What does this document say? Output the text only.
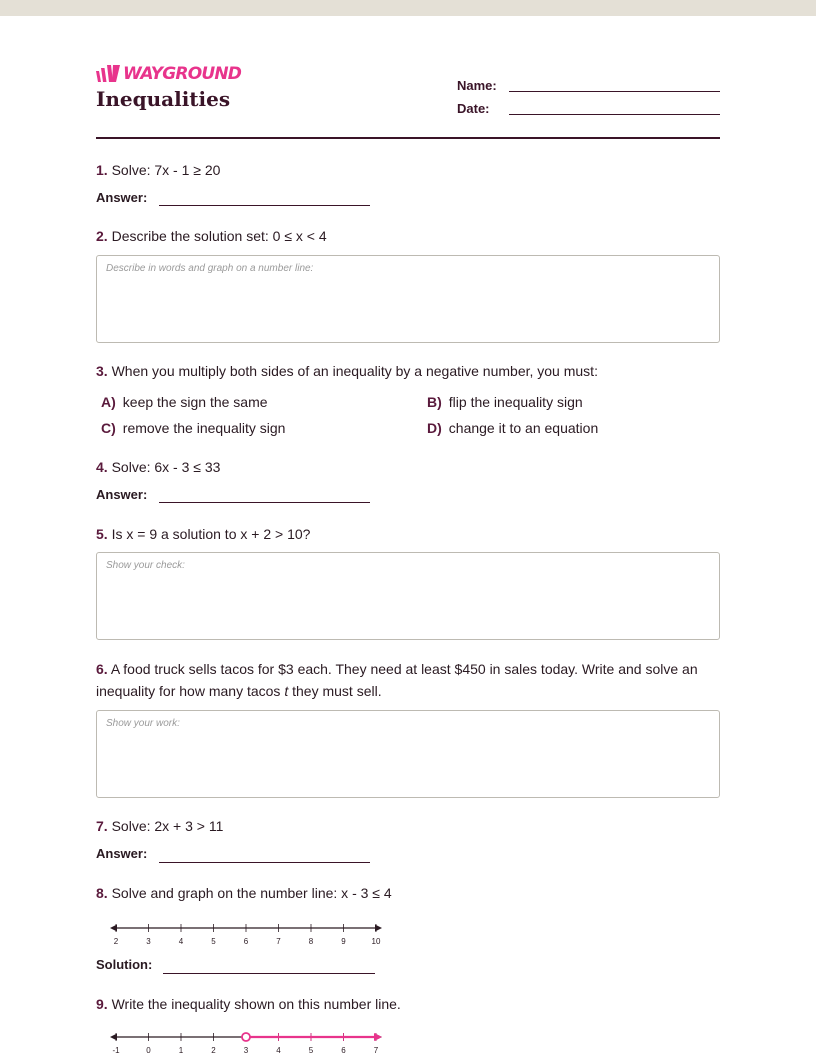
WAYGROUND
Inequalities
Name:
Date:
1. Solve: 7x - 1 ≥ 20
Answer:
2. Describe the solution set: 0 ≤ x < 4
Describe in words and graph on a number line:
3. When you multiply both sides of an inequality by a negative number, you must:
A) keep the sign the same	B) flip the inequality sign
C) remove the inequality sign	D) change it to an equation
4. Solve: 6x - 3 ≤ 33
Answer:
5. Is x = 9 a solution to x + 2 > 10?
Show your check:
6. A food truck sells tacos for $3 each. They need at least $450 in sales today. Write and solve an inequality for how many tacos t they must sell.
Show your work:
7. Solve: 2x + 3 > 11
Answer:
8. Solve and graph on the number line: x - 3 ≤ 4
2	3	4	5	6	7	8	9	10
Solution:
9. Write the inequality shown on this number line.
-1	0	1	2	3	4	5	6	7
